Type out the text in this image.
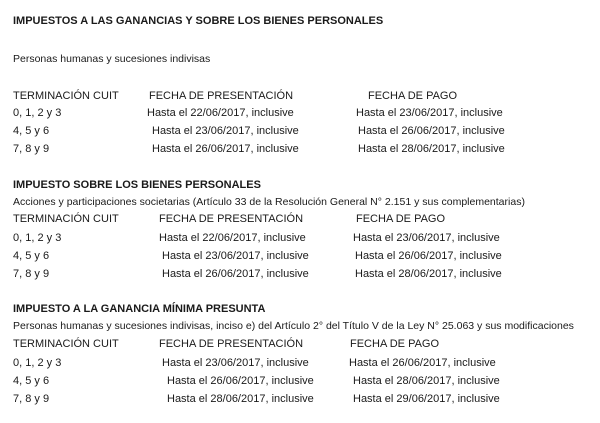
IMPUESTOS A LAS GANANCIAS Y SOBRE LOS BIENES PERSONALES
Personas humanas y sucesiones indivisas
TERMINACIÓN CUIT	FECHA DE PRESENTACIÓN	FECHA DE PAGO
0, 1, 2 y 3	Hasta el 22/06/2017, inclusive	Hasta el 23/06/2017, inclusive
4, 5 y 6	Hasta el 23/06/2017, inclusive	Hasta el 26/06/2017, inclusive
7, 8 y 9	Hasta el 26/06/2017, inclusive	Hasta el 28/06/2017, inclusive
IMPUESTO SOBRE LOS BIENES PERSONALES
Acciones y participaciones societarias (Artículo 33 de la Resolución General N° 2.151 y sus complementarias)
TERMINACIÓN CUIT	FECHA DE PRESENTACIÓN	FECHA DE PAGO
0, 1, 2 y 3	Hasta el 22/06/2017, inclusive	Hasta el 23/06/2017, inclusive
4, 5 y 6	Hasta el 23/06/2017, inclusive	Hasta el 26/06/2017, inclusive
7, 8 y 9	Hasta el 26/06/2017, inclusive	Hasta el 28/06/2017, inclusive
IMPUESTO A LA GANANCIA MÍNIMA PRESUNTA
Personas humanas y sucesiones indivisas, inciso e) del Artículo 2° del Título V de la Ley N° 25.063 y sus modificaciones
TERMINACIÓN CUIT	FECHA DE PRESENTACIÓN	FECHA DE PAGO
0, 1, 2 y 3	Hasta el 23/06/2017, inclusive	Hasta el 26/06/2017, inclusive
4, 5 y 6	Hasta el 26/06/2017, inclusive	Hasta el 28/06/2017, inclusive
7, 8 y 9	Hasta el 28/06/2017, inclusive	Hasta el 29/06/2017, inclusive
